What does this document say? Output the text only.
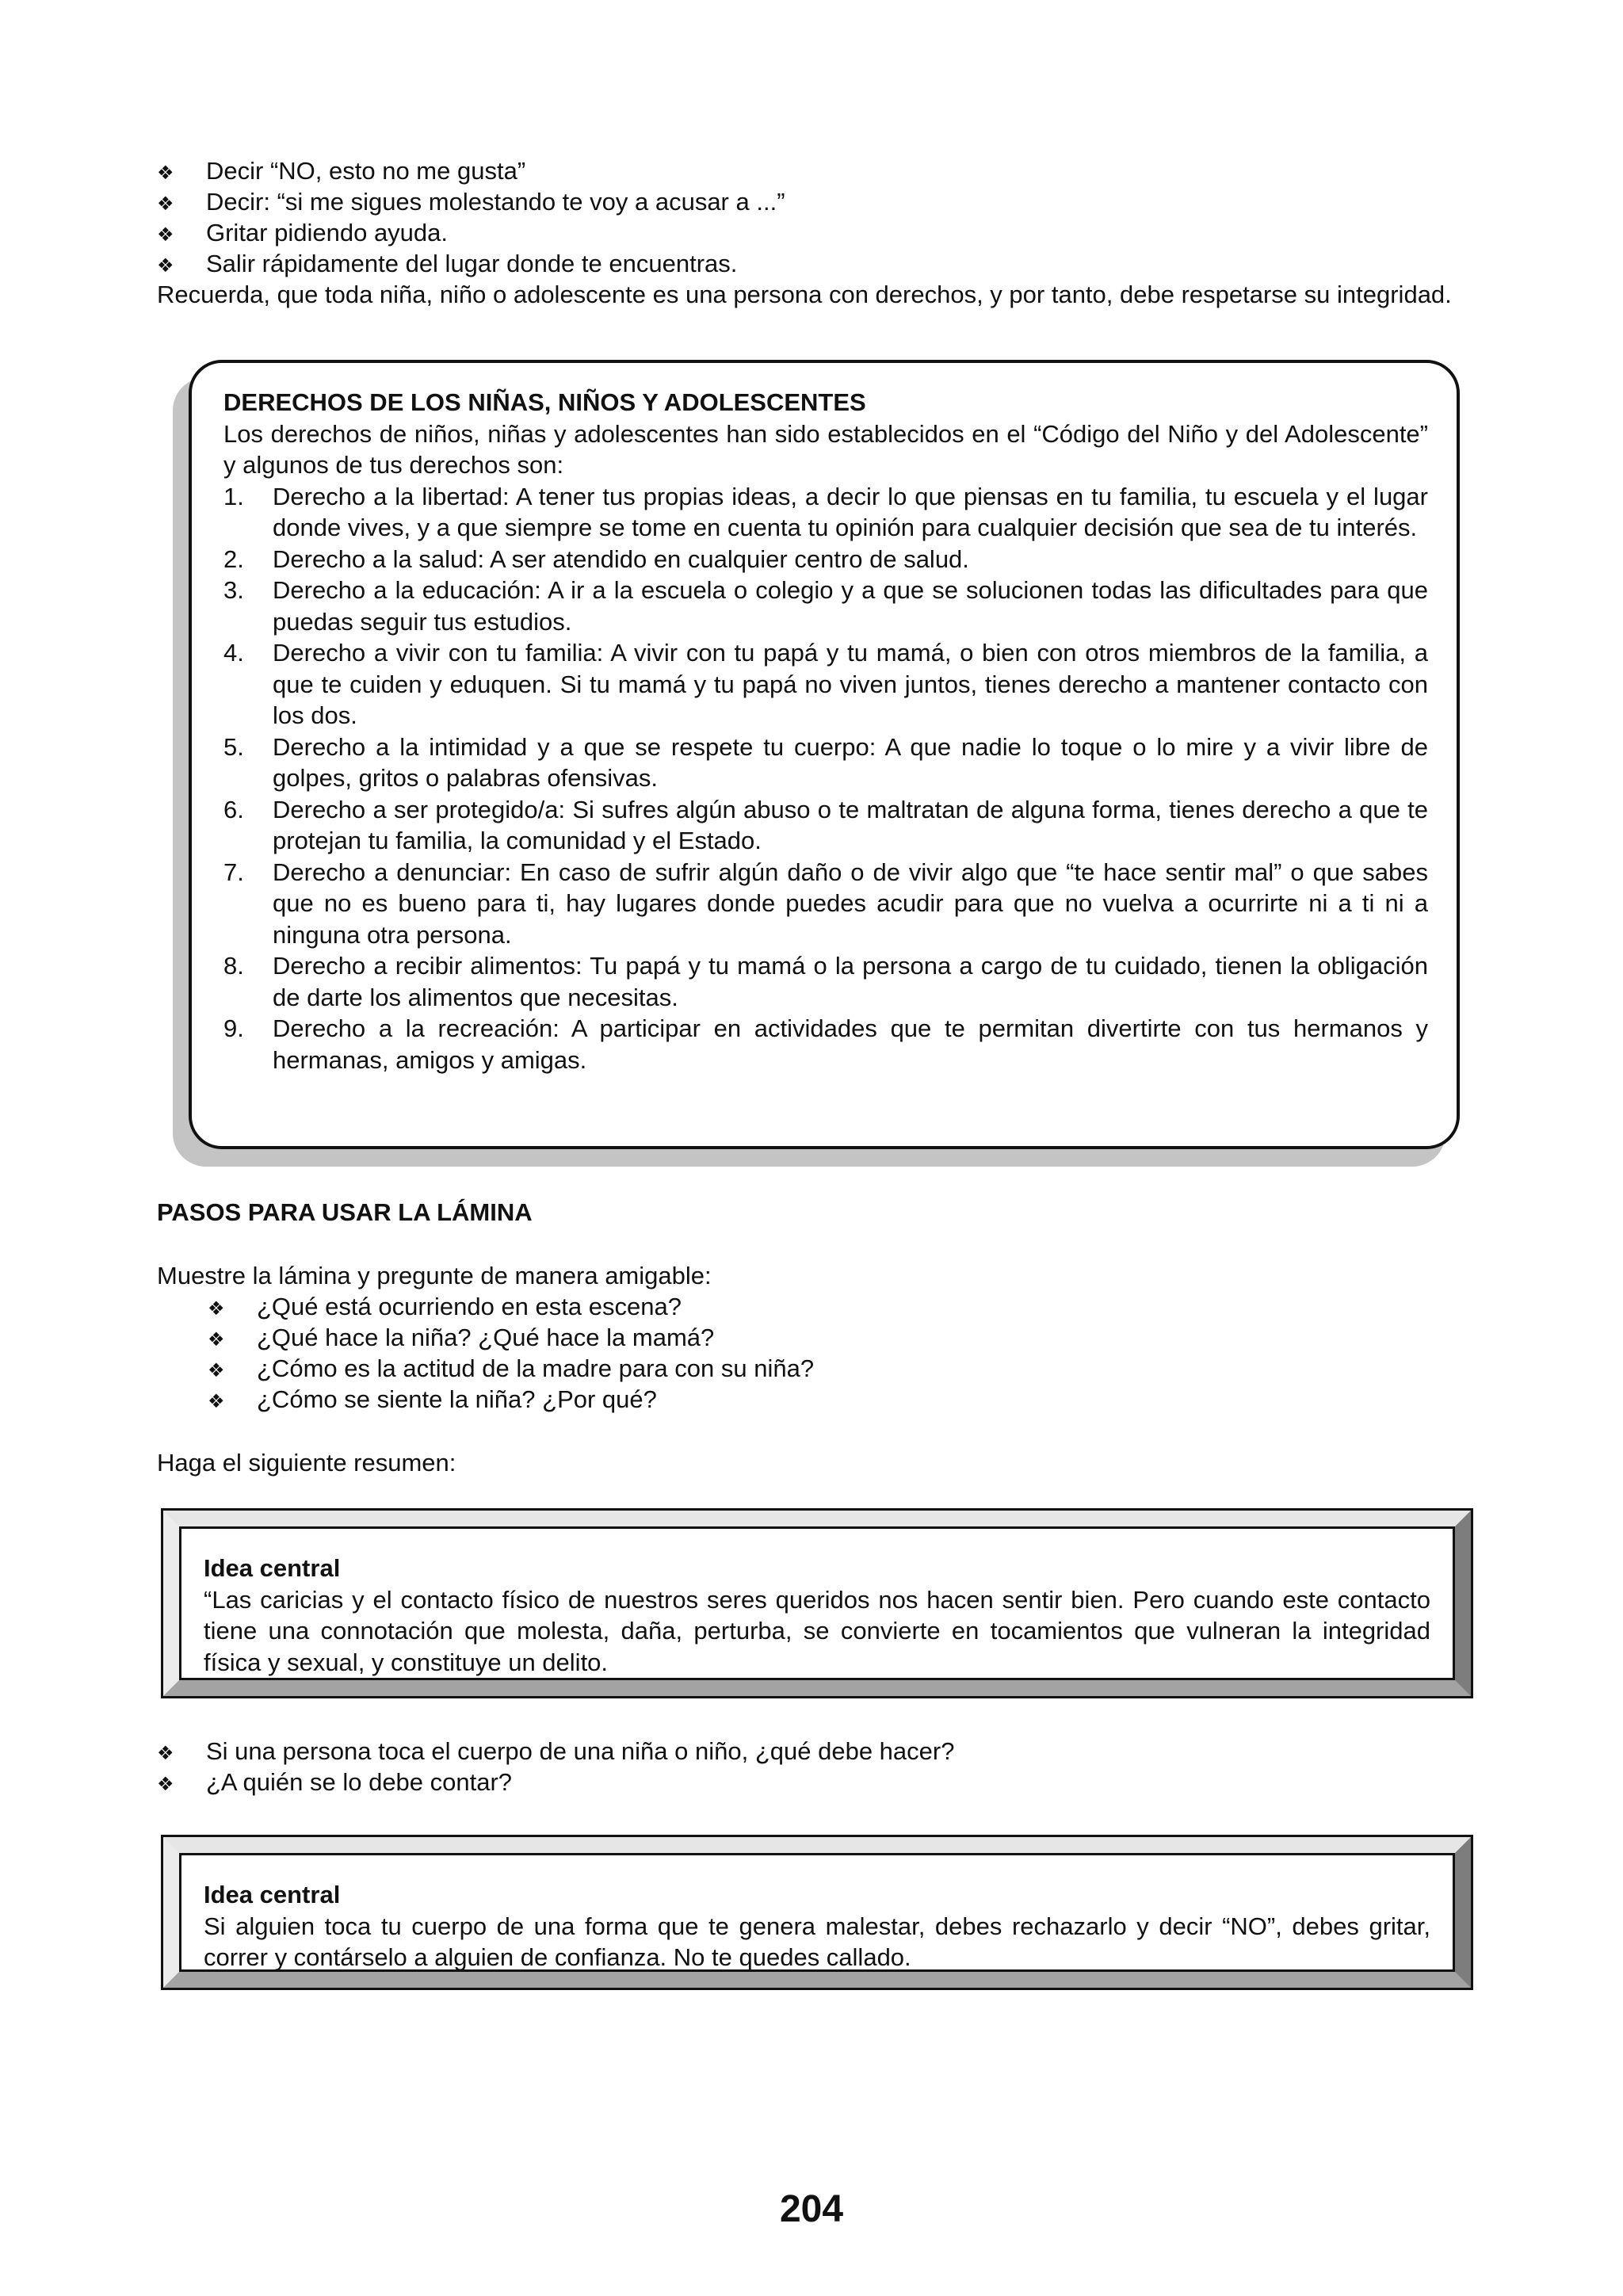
❖ Decir “NO, esto no me gusta”
❖ Decir: “si me sigues molestando te voy a acusar a ...”
❖ Gritar pidiendo ayuda.
❖ Salir rápidamente del lugar donde te encuentras.
Recuerda, que toda niña, niño o adolescente es una persona con derechos, y por tanto, debe respetarse su integridad.
DERECHOS DE LOS NIÑAS, NIÑOS Y ADOLESCENTES
Los derechos de niños, niñas y adolescentes han sido establecidos en el “Código del Niño y del Adolescente” y algunos de tus derechos son:
1. Derecho a la libertad: A tener tus propias ideas, a decir lo que piensas en tu familia, tu escuela y el lugar donde vives, y a que siempre se tome en cuenta tu opinión para cualquier decisión que sea de tu interés.
2. Derecho a la salud: A ser atendido en cualquier centro de salud.
3. Derecho a la educación: A ir a la escuela o colegio y a que se solucionen todas las dificultades para que puedas seguir tus estudios.
4. Derecho a vivir con tu familia: A vivir con tu papá y tu mamá, o bien con otros miembros de la familia, a que te cuiden y eduquen. Si tu mamá y tu papá no viven juntos, tienes derecho a mantener contacto con los dos.
5. Derecho a la intimidad y a que se respete tu cuerpo: A que nadie lo toque o lo mire y a vivir libre de golpes, gritos o palabras ofensivas.
6. Derecho a ser protegido/a: Si sufres algún abuso o te maltratan de alguna forma, tienes derecho a que te protejan tu familia, la comunidad y el Estado.
7. Derecho a denunciar: En caso de sufrir algún daño o de vivir algo que “te hace sentir mal” o que sabes que no es bueno para ti, hay lugares donde puedes acudir para que no vuelva a ocurrirte ni a ti ni a ninguna otra persona.
8. Derecho a recibir alimentos: Tu papá y tu mamá o la persona a cargo de tu cuidado, tienen la obligación de darte los alimentos que necesitas.
9. Derecho a la recreación: A participar en actividades que te permitan divertirte con tus hermanos y hermanas, amigos y amigas.
PASOS PARA USAR LA LÁMINA
Muestre la lámina y pregunte de manera amigable:
❖ ¿Qué está ocurriendo en esta escena?
❖ ¿Qué hace la niña? ¿Qué hace la mamá?
❖ ¿Cómo es la actitud de la madre para con su niña?
❖ ¿Cómo se siente la niña? ¿Por qué?
Haga el siguiente resumen:
Idea central
“Las caricias y el contacto físico de nuestros seres queridos nos hacen sentir bien. Pero cuando este contacto tiene una connotación que molesta, daña, perturba, se convierte en tocamientos que vulneran la integridad física y sexual, y constituye un delito.
❖ Si una persona toca el cuerpo de una niña o niño, ¿qué debe hacer?
❖ ¿A quién se lo debe contar?
Idea central
Si alguien toca tu cuerpo de una forma que te genera malestar, debes rechazarlo y decir “NO”, debes gritar, correr y contárselo a alguien de confianza. No te quedes callado.
204
